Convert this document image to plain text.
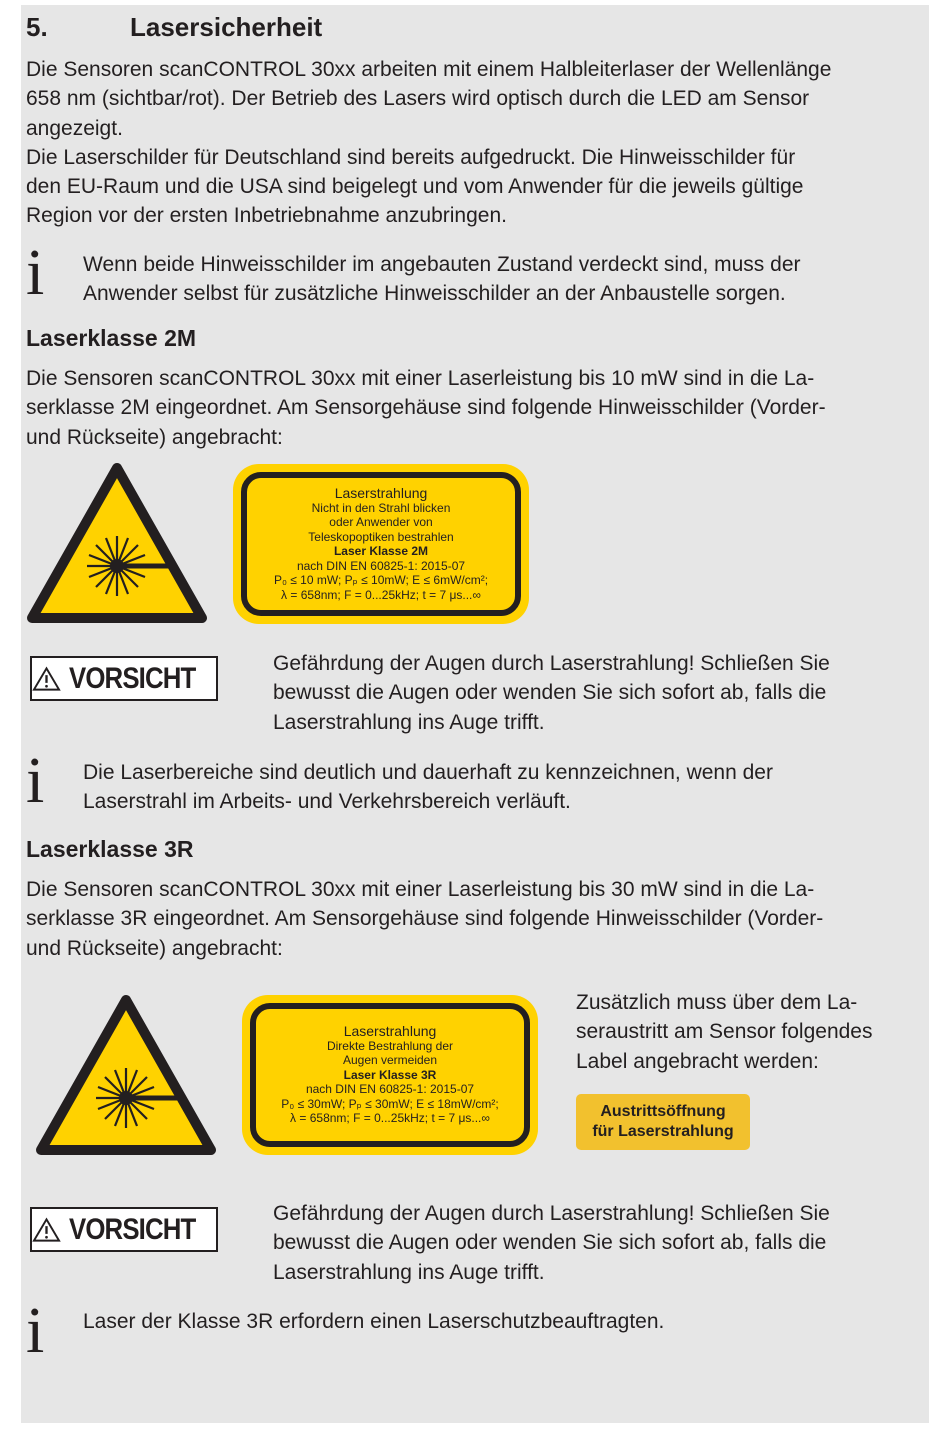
5.	Lasersicherheit

Die Sensoren scanCONTROL 30xx arbeiten mit einem Halbleiterlaser der Wellenlänge

658 nm (sichtbar/rot). Der Betrieb des Lasers wird optisch durch die LED am Sensor

angezeigt.

Die Laserschilder für Deutschland sind bereits aufgedruckt. Die Hinweisschilder für

den EU-Raum und die USA sind beigelegt und vom Anwender für die jeweils gültige

Region vor der ersten Inbetriebnahme anzubringen.

i Wenn beide Hinweisschilder im angebauten Zustand verdeckt sind, muss der

Anwender selbst für zusätzliche Hinweisschilder an der Anbaustelle sorgen.

Laserklasse 2M

Die Sensoren scanCONTROL 30xx mit einer Laserleistung bis 10 mW sind in die La-

serklasse 2M eingeordnet. Am Sensorgehäuse sind folgende Hinweisschilder (Vorder-

und Rückseite) angebracht:

Laserstrahlung
Nicht in den Strahl blicken
oder Anwender von
Teleskopoptiken bestrahlen
Laser Klasse 2M
nach DIN EN 60825-1: 2015-07
P₀ ≤ 10 mW; Pₚ ≤ 10mW; E ≤ 6mW/cm²;
λ = 658nm; F = 0...25kHz; t = 7 μs...∞
VORSICHT	Gefährdung der Augen durch Laserstrahlung! Schließen Sie

bewusst die Augen oder wenden Sie sich sofort ab, falls die

Laserstrahlung ins Auge trifft.

i Die Laserbereiche sind deutlich und dauerhaft zu kennzeichnen, wenn der

Laserstrahl im Arbeits- und Verkehrsbereich verläuft.

Laserklasse 3R

Die Sensoren scanCONTROL 30xx mit einer Laserleistung bis 30 mW sind in die La-

serklasse 3R eingeordnet. Am Sensorgehäuse sind folgende Hinweisschilder (Vorder-

und Rückseite) angebracht:

Laserstrahlung
Direkte Bestrahlung der
Augen vermeiden
Laser Klasse 3R
nach DIN EN 60825-1: 2015-07
P₀ ≤ 30mW; Pₚ ≤ 30mW; E ≤ 18mW/cm²;
λ = 658nm; F = 0...25kHz; t = 7 μs...∞

Zusätzlich muss über dem La-

seraustritt am Sensor folgendes

Label angebracht werden:

Austrittsöffnung
für Laserstrahlung
VORSICHT	Gefährdung der Augen durch Laserstrahlung! Schließen Sie

bewusst die Augen oder wenden Sie sich sofort ab, falls die

Laserstrahlung ins Auge trifft.

i Laser der Klasse 3R erfordern einen Laserschutzbeauftragten.
